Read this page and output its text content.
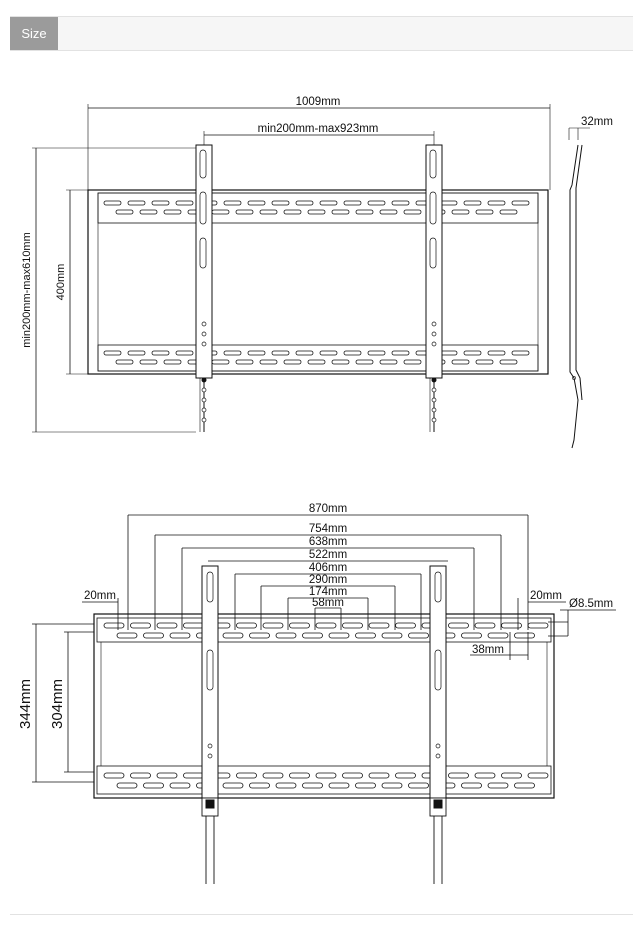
Size
1009mm
min200mm-max923mm
32mm
min200mm-max610mm 400mm
870mm
754mm
638mm
522mm
406mm
290mm
174mm
58mm
20mm	20mm
Ø8.5mm
38mm
344mm 304mm
